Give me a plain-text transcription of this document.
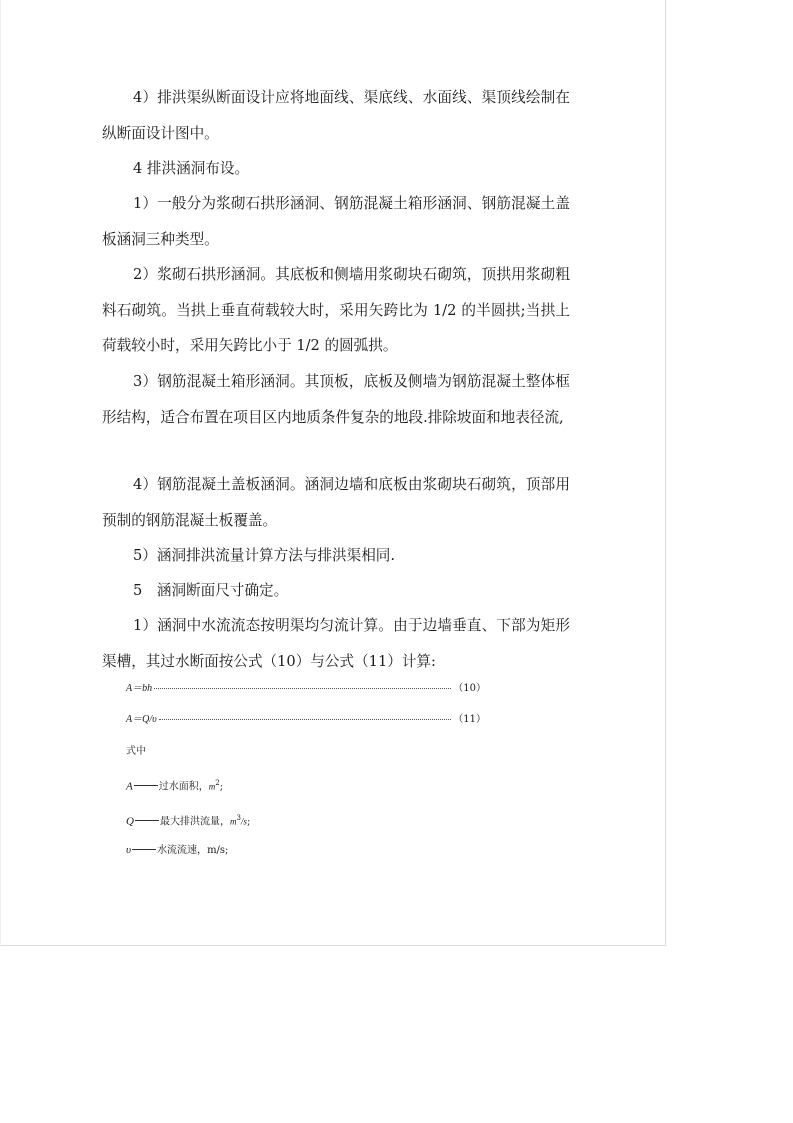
4）排洪渠纵断面设计应将地面线、渠底线、水面线、渠顶线绘制在纵断面设计图中。

4 排洪涵洞布设。

1）一般分为浆砌石拱形涵洞、钢筋混凝土箱形涵洞、钢筋混凝土盖板涵洞三种类型。

2）浆砌石拱形涵洞。其底板和侧墙用浆砌块石砌筑，顶拱用浆砌粗料石砌筑。当拱上垂直荷载较大时，采用矢跨比为 1/2 的半圆拱;当拱上荷载较小时，采用矢跨比小于 1/2 的圆弧拱。

3）钢筋混凝土箱形涵洞。其顶板，底板及侧墙为钢筋混凝土整体框形结构，适合布置在项目区内地质条件复杂的地段.排除坡面和地表径流,

4）钢筋混凝土盖板涵洞。涵洞边墙和底板由浆砌块石砌筑，顶部用预制的钢筋混凝土板覆盖。

5）涵洞排洪流量计算方法与排洪渠相同.

5　涵洞断面尺寸确定。

1）涵洞中水流流态按明渠均匀流计算。由于边墙垂直、下部为矩形渠槽，其过水断面按公式（10）与公式（11）计算:

A＝bh	（10）
A＝Q/υ	（11）
式中
A	过水面积，$m^2$;
Q	最大排洪流量，$m^3/s$;
υ	水流流速，m/s;
